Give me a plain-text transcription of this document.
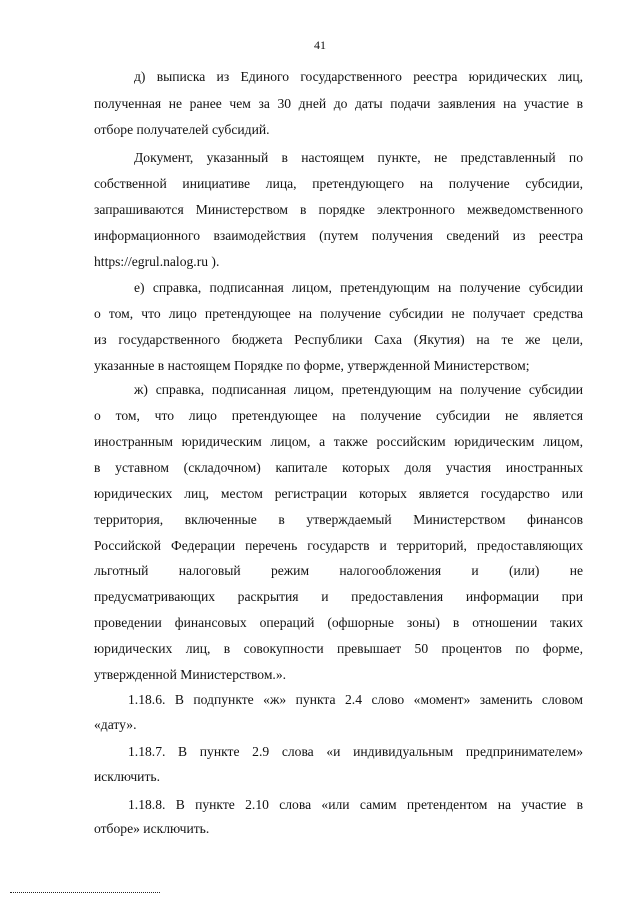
41
д) выписка из Единого государственного реестра юридических лиц,
полученная не ранее чем за 30 дней до даты подачи заявления на участие в
отборе получателей субсидий.
Документ, указанный в настоящем пункте, не представленный по
собственной инициативе лица, претендующего на получение субсидии,
запрашиваются Министерством в порядке электронного межведомственного
информационного взаимодействия (путем получения сведений из реестра
https://egrul.nalog.ru ).
е) справка, подписанная лицом, претендующим на получение субсидии
о том, что лицо претендующее на получение субсидии не получает средства
из государственного бюджета Республики Саха (Якутия) на те же цели,
указанные в настоящем Порядке по форме, утвержденной Министерством;
ж) справка, подписанная лицом, претендующим на получение субсидии
о том, что лицо претендующее на получение субсидии не является
иностранным юридическим лицом, а также российским юридическим лицом,
в уставном (складочном) капитале которых доля участия иностранных
юридических лиц, местом регистрации которых является государство или
территория, включенные в утверждаемый Министерством финансов
Российской Федерации перечень государств и территорий, предоставляющих
льготный налоговый режим налогообложения и (или) не
предусматривающих раскрытия и предоставления информации при
проведении финансовых операций (офшорные зоны) в отношении таких
юридических лиц, в совокупности превышает 50 процентов по форме,
утвержденной Министерством.».
1.18.6. В подпункте «ж» пункта 2.4 слово «момент» заменить словом
«дату».
1.18.7. В пункте 2.9 слова «и индивидуальным предпринимателем»
исключить.
1.18.8. В пункте 2.10 слова «или самим претендентом на участие в
отборе» исключить.
